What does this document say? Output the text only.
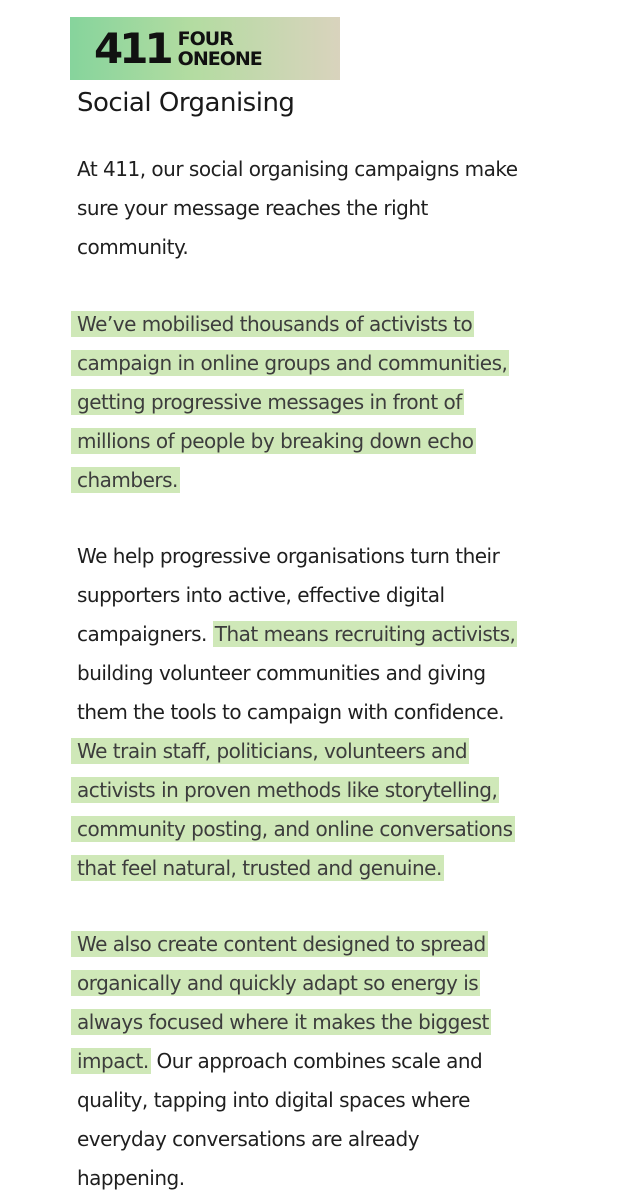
411 FOUR
ONEONE
Social Organising

At 411, our social organising campaigns make
sure your message reaches the right
community.

We’ve mobilised thousands of activists to
campaign in online groups and communities,
getting progressive messages in front of
millions of people by breaking down echo
chambers.

We help progressive organisations turn their
supporters into active, effective digital
campaigners. That means recruiting activists,
building volunteer communities and giving
them the tools to campaign with confidence.
We train staff, politicians, volunteers and
activists in proven methods like storytelling,
community posting, and online conversations
that feel natural, trusted and genuine.

We also create content designed to spread
organically and quickly adapt so energy is
always focused where it makes the biggest
impact. Our approach combines scale and
quality, tapping into digital spaces where
everyday conversations are already
happening.
